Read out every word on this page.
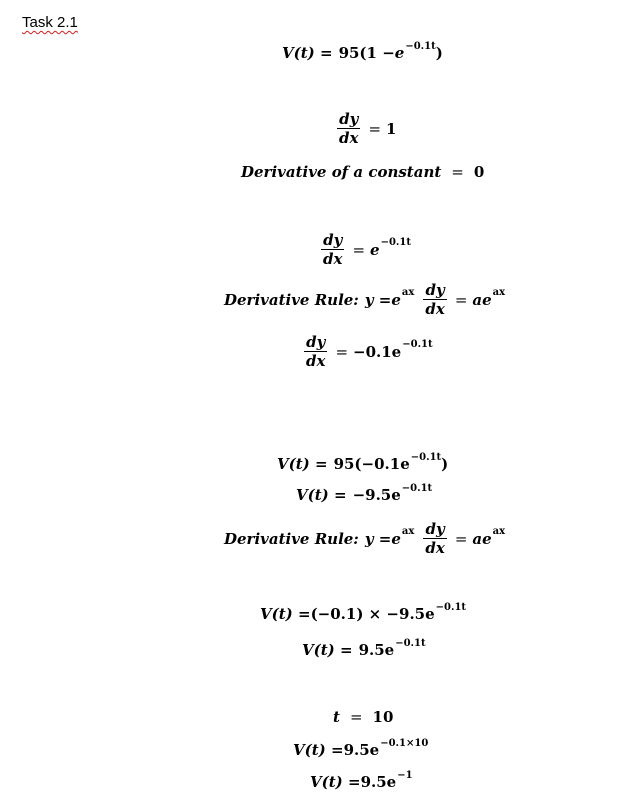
Task 2.1
$V(t) = 95(1 - e^{-0.1t}$ )
$\frac{dy}{dx} = 1$
Derivative of a constant = 0
$\frac{dy}{dx} = e^{-0.1t}$
Derivative Rule: $y = e^{ax} \frac{dy}{dx} = ae^{ax}$
$\frac{dy}{dx} = -0.1e^{-0.1t}$
$V(t) = 95(-0.1e^{-0.1t}$ )
$V(t) = -9.5e^{-0.1t}$
Derivative Rule: $y = e^{ax} \frac{dy}{dx} = ae^{ax}$
$V(t) = (-0.1) \times -9.5e^{-0.1t}$
$V(t) = 9.5e^{-0.1t}$
t = 10
$V(t) = 9.5e^{-0.1\times 10}$
$V(t) = 9.5e^{-1}$
